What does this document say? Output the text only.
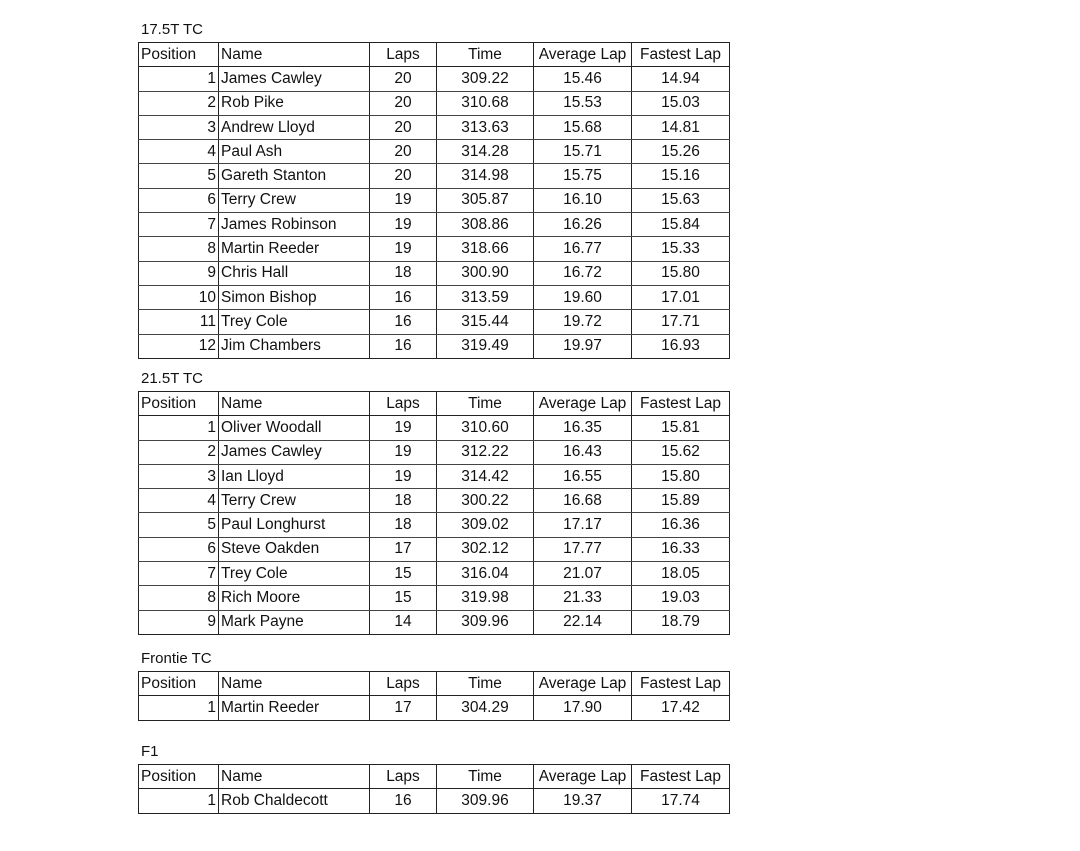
17.5T TC
Position	Name	Laps	Time	Average Lap	Fastest Lap
1	James Cawley	20	309.22	15.46	14.94
2	Rob Pike	20	310.68	15.53	15.03
3	Andrew Lloyd	20	313.63	15.68	14.81
4	Paul Ash	20	314.28	15.71	15.26
5	Gareth Stanton	20	314.98	15.75	15.16
6	Terry Crew	19	305.87	16.10	15.63
7	James Robinson	19	308.86	16.26	15.84
8	Martin Reeder	19	318.66	16.77	15.33
9	Chris Hall	18	300.90	16.72	15.80
10	Simon Bishop	16	313.59	19.60	17.01
11	Trey Cole	16	315.44	19.72	17.71
12	Jim Chambers	16	319.49	19.97	16.93
21.5T TC
Position	Name	Laps	Time	Average Lap	Fastest Lap
1	Oliver Woodall	19	310.60	16.35	15.81
2	James Cawley	19	312.22	16.43	15.62
3	Ian Lloyd	19	314.42	16.55	15.80
4	Terry Crew	18	300.22	16.68	15.89
5	Paul Longhurst	18	309.02	17.17	16.36
6	Steve Oakden	17	302.12	17.77	16.33
7	Trey Cole	15	316.04	21.07	18.05
8	Rich Moore	15	319.98	21.33	19.03
9	Mark Payne	14	309.96	22.14	18.79
Frontie TC
Position	Name	Laps	Time	Average Lap	Fastest Lap
1	Martin Reeder	17	304.29	17.90	17.42
F1
Position	Name	Laps	Time	Average Lap	Fastest Lap
1	Rob Chaldecott	16	309.96	19.37	17.74
